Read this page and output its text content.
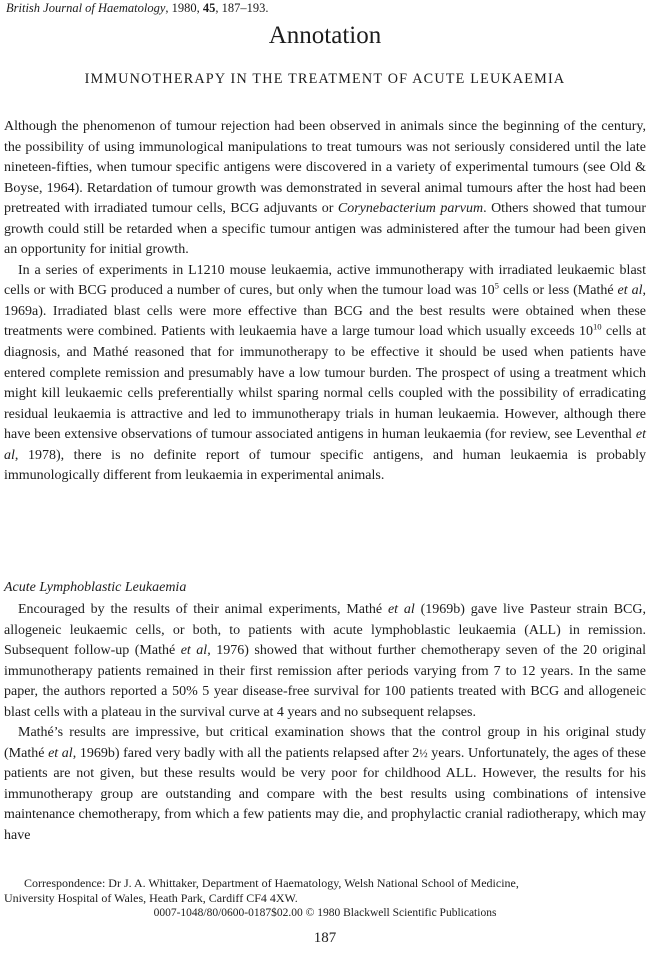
British Journal of Haematology, 1980, 45, 187–193.
Annotation
IMMUNOTHERAPY IN THE TREATMENT OF ACUTE LEUKAEMIA

Although the phenomenon of tumour rejection had been observed in animals since the beginning of the century, the possibility of using immunological manipulations to treat tumours was not seriously considered until the late nineteen-fifties, when tumour specific antigens were discovered in a variety of experimental tumours (see Old & Boyse, 1964). Retardation of tumour growth was demonstrated in several animal tumours after the host had been pretreated with irradiated tumour cells, BCG adjuvants or Corynebacterium parvum. Others showed that tumour growth could still be retarded when a specific tumour antigen was administered after the tumour had been given an opportunity for initial growth.

In a series of experiments in L1210 mouse leukaemia, active immunotherapy with irradiated leukaemic blast cells or with BCG produced a number of cures, but only when the tumour load was $10^5$ cells or less (Mathé et al, 1969a). Irradiated blast cells were more effective than BCG and the best results were obtained when these treatments were combined. Patients with leukaemia have a large tumour load which usually exceeds $10^{10}$ cells at diagnosis, and Mathé reasoned that for immunotherapy to be effective it should be used when patients have entered complete remission and presumably have a low tumour burden. The prospect of using a treatment which might kill leukaemic cells preferentially whilst sparing normal cells coupled with the possibility of erradicating residual leukaemia is attractive and led to immunotherapy trials in human leukaemia. However, although there have been extensive observations of tumour associated antigens in human leukaemia (for review, see Leventhal et al, 1978), there is no definite report of tumour specific antigens, and human leukaemia is probably immunologically different from leukaemia in experimental animals.

Acute Lymphoblastic Leukaemia

Encouraged by the results of their animal experiments, Mathé et al (1969b) gave live Pasteur strain BCG, allogeneic leukaemic cells, or both, to patients with acute lymphoblastic leukaemia (ALL) in remission. Subsequent follow-up (Mathé et al, 1976) showed that without further chemotherapy seven of the 20 original immunotherapy patients remained in their first remission after periods varying from 7 to 12 years. In the same paper, the authors reported a 50% 5 year disease-free survival for 100 patients treated with BCG and allogeneic blast cells with a plateau in the survival curve at 4 years and no subsequent relapses.

Mathé’s results are impressive, but critical examination shows that the control group in his original study (Mathé et al, 1969b) fared very badly with all the patients relapsed after 2½ years. Unfortunately, the ages of these patients are not given, but these results would be very poor for childhood ALL. However, the results for his immunotherapy group are outstanding and compare with the best results using combinations of intensive maintenance chemotherapy, from which a few patients may die, and prophylactic cranial radiotherapy, which may have

Correspondence: Dr J. A. Whittaker, Department of Haematology, Welsh National School of Medicine,
University Hospital of Wales, Heath Park, Cardiff CF4 4XW.
0007-1048/80/0600-0187$02.00 © 1980 Blackwell Scientific Publications
187
